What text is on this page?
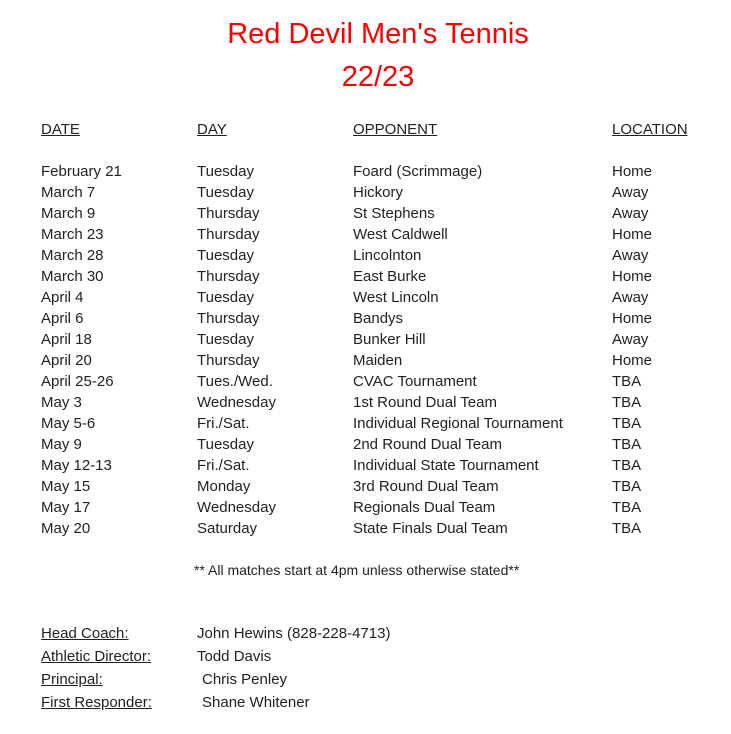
Red Devil Men's Tennis
22/23
DATE	DAY	OPPONENT	LOCATION
February 21	Tuesday	Foard (Scrimmage)	Home
March 7	Tuesday	Hickory	Away
March 9	Thursday	St Stephens	Away
March 23	Thursday	West Caldwell	Home
March 28	Tuesday	Lincolnton	Away
March 30	Thursday	East Burke	Home
April 4	Tuesday	West Lincoln	Away
April 6	Thursday	Bandys	Home
April 18	Tuesday	Bunker Hill	Away
April 20	Thursday	Maiden	Home
April 25-26	Tues./Wed.	CVAC Tournament	TBA
May 3	Wednesday	1st Round Dual Team	TBA
May 5-6	Fri./Sat.	Individual Regional Tournament	TBA
May 9	Tuesday	2nd Round Dual Team	TBA
May 12-13	Fri./Sat.	Individual State Tournament	TBA
May 15	Monday	3rd Round Dual Team	TBA
May 17	Wednesday	Regionals Dual Team	TBA
May 20	Saturday	State Finals Dual Team	TBA
** All matches start at 4pm unless otherwise stated**
Head Coach:	John Hewins (828-228-4713)
Athletic Director:	Todd Davis
Principal:	Chris Penley
First Responder:	Shane Whitener
